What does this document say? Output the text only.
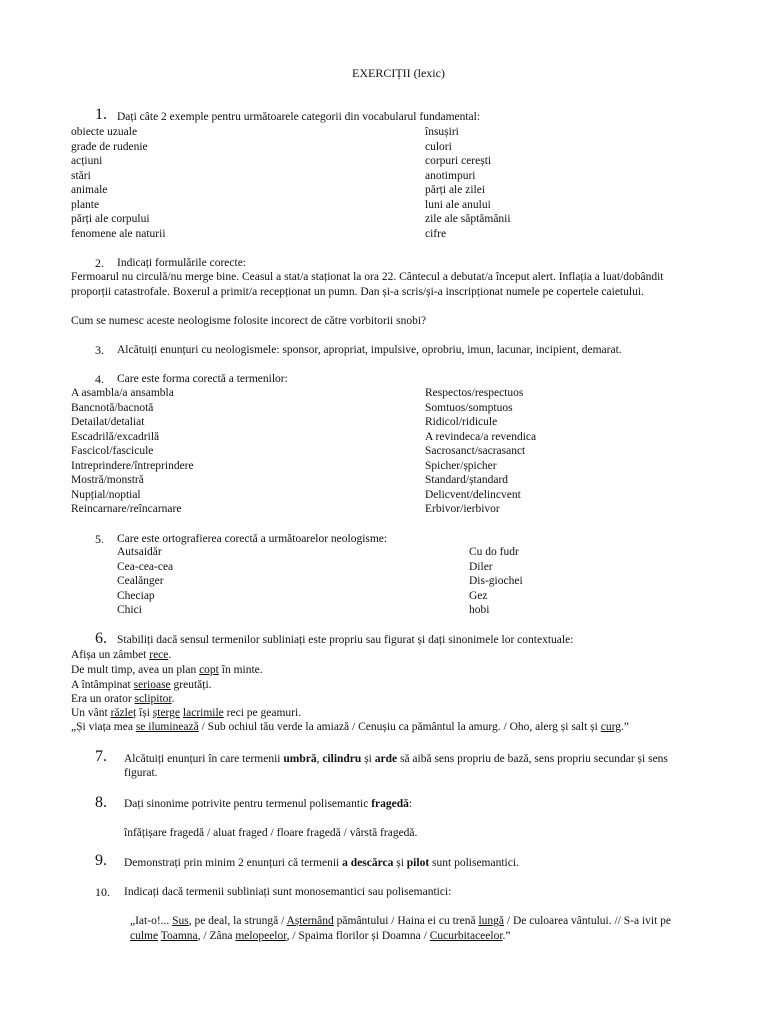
EXERCIȚII (lexic)
1. Dați câte 2 exemple pentru următoarele categorii din vocabularul fundamental:
obiecte uzuale
grade de rudenie
acțiuni
stări
animale
plante
părți ale corpului
fenomene ale naturii
însușiri
culori
corpuri cerești
anotimpuri
părți ale zilei
luni ale anului
zile ale săptămânii
cifre
2. Indicați formulările corecte:
Fermoarul nu circulă/nu merge bine. Ceasul a stat/a staționat la ora 22. Cântecul a debutat/a început alert. Inflația a luat/dobândit
proporții catastrofale. Boxerul a primit/a recepționat un pumn. Dan și-a scris/și-a inscripționat numele pe copertele caietului.
Cum se numesc aceste neologisme folosite incorect de către vorbitorii snobi?
3. Alcătuiți enunțuri cu neologismele: sponsor, apropriat, impulsive, oprobriu, imun, lacunar, incipient, demarat.
4. Care este forma corectă a termenilor:
A asambla/a ansambla
Bancnotă/bacnotă
Detailat/detaliat
Escadrilă/excadrilă
Fascicol/fascicule
Intreprindere/întreprindere
Mostră/monstră
Nupțial/noptial
Reincarnare/reîncarnare
Respectos/respectuos
Somtuos/somptuos
Ridicol/ridicule
A revindeca/a revendica
Sacrosanct/sacrasanct
Spicher/șpicher
Standard/ștandard
Delicvent/delincvent
Erbivor/ierbivor
5. Care este ortografierea corectă a următoarelor neologisme:
Autsaidăr
Cea-cea-cea
Cealănger
Checiap
Chici
Cu do fudr
Diler
Dis-giochei
Gez
hobi
6. Stabiliți dacă sensul termenilor subliniați este propriu sau figurat și dați sinonimele lor contextuale:
Afișa un zâmbet rece.
De mult timp, avea un plan copt în minte.
A întâmpinat serioase greutăți.
Era un orator sclipitor.
Un vânt răzleț își șterge lacrimile reci pe geamuri.
„Și viața mea se iluminează / Sub ochiul tău verde la amiază / Cenușiu ca pământul la amurg. / Oho, alerg și salt și curg.”
7. Alcătuiți enunțuri în care termenii umbră, cilindru și arde să aibă sens propriu de bază, sens propriu secundar și sens
figurat.
8. Dați sinonime potrivite pentru termenul polisemantic fragedă:
înfățișare fragedă / aluat fraged / floare fragedă / vârstă fragedă.
9. Demonstrați prin minim 2 enunțuri că termenii a descărca și pilot sunt polisemantici.
10. Indicați dacă termenii subliniați sunt monosemantici sau polisemantici:
„Iat-o!... Sus, pe deal, la strungă / Așternând pământului / Haina ei cu trenă lungă / De culoarea vântului. // S-a ivit pe
culme Toamna, / Zâna melopeelor, / Spaima florilor și Doamna / Cucurbitaceelor.”
